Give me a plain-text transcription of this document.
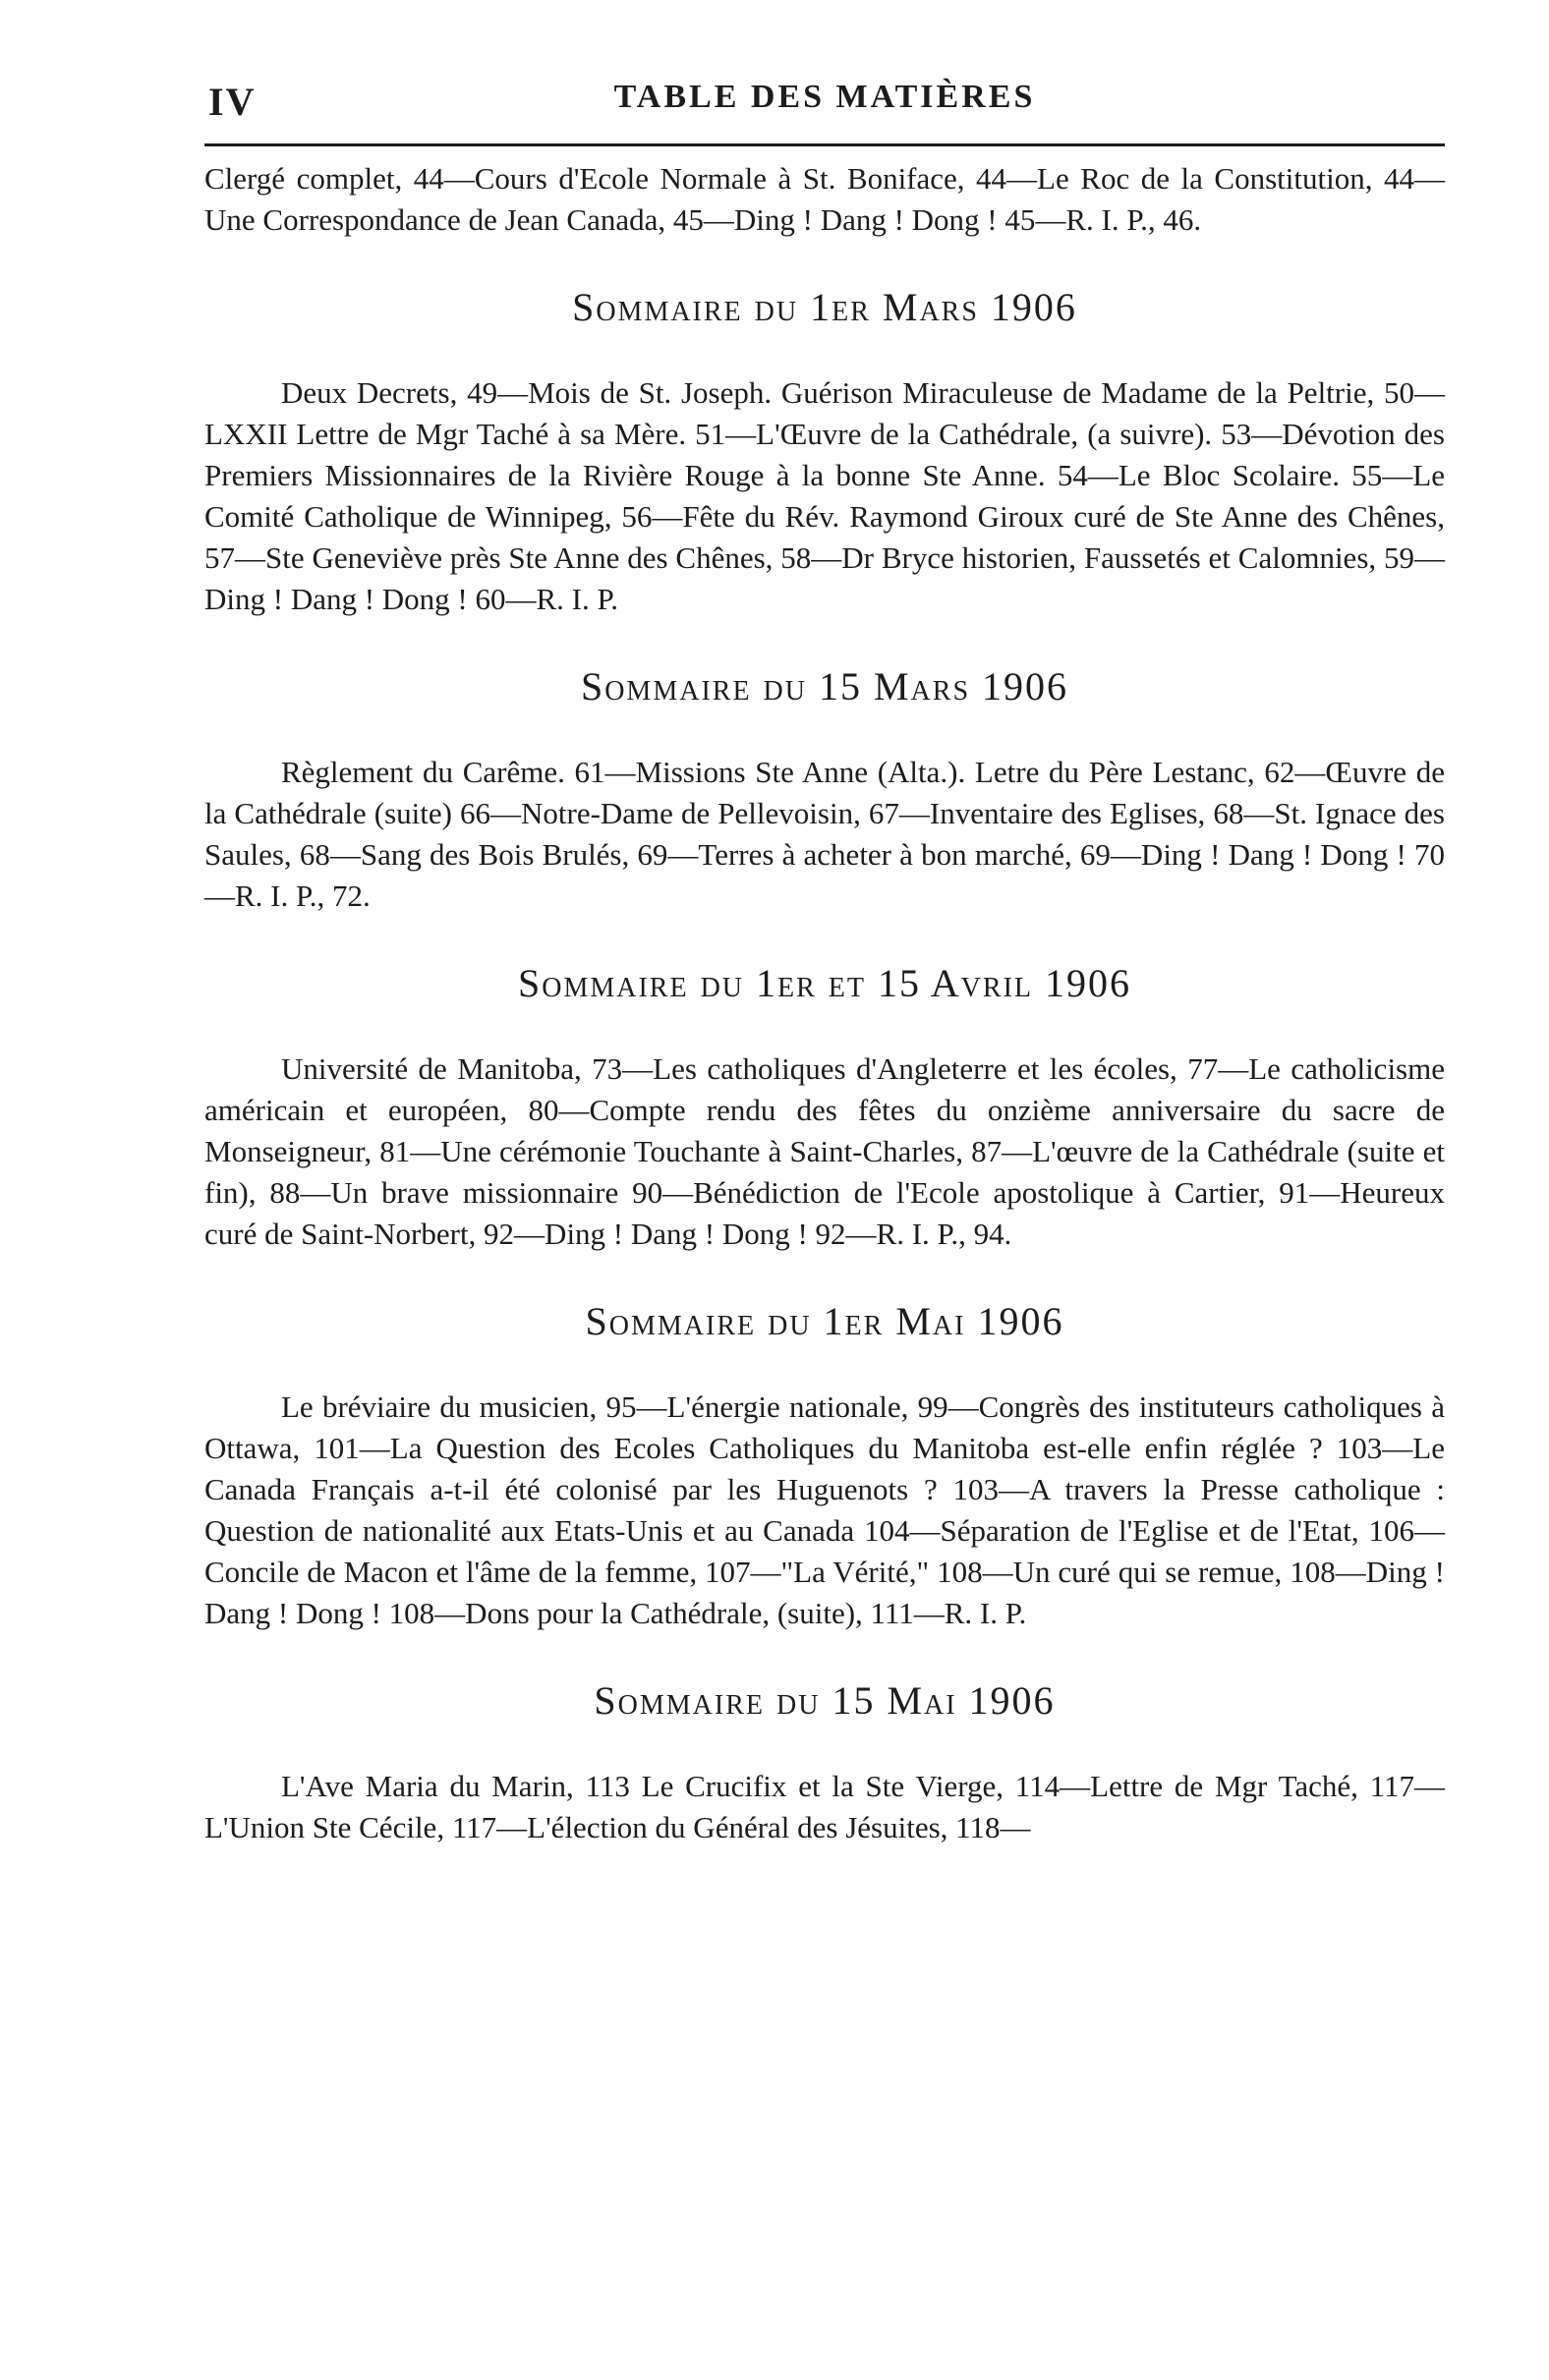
IV	TABLE DES MATIÈRES

Clergé complet, 44—Cours d'Ecole Normale à St. Boniface, 44—Le Roc de la Constitution, 44—Une Correspondance de Jean Canada, 45—Ding ! Dang ! Dong ! 45—R. I. P., 46.

Sommaire du 1er Mars 1906

Deux Decrets, 49—Mois de St. Joseph. Guérison Miraculeuse de Madame de la Peltrie, 50—LXXII Lettre de Mgr Taché à sa Mère. 51—L'Œuvre de la Cathédrale, (a suivre). 53—Dévotion des Premiers Missionnaires de la Rivière Rouge à la bonne Ste Anne. 54—Le Bloc Scolaire. 55—Le Comité Catholique de Winnipeg, 56—Fête du Rév. Raymond Giroux curé de Ste Anne des Chênes, 57—Ste Geneviève près Ste Anne des Chênes, 58—Dr Bryce historien, Faussetés et Calomnies, 59—Ding ! Dang ! Dong ! 60—R. I. P.

Sommaire du 15 Mars 1906

Règlement du Carême. 61—Missions Ste Anne (Alta.). Letre du Père Lestanc, 62—Œuvre de la Cathédrale (suite) 66—Notre-Dame de Pellevoisin, 67—Inventaire des Eglises, 68—St. Ignace des Saules, 68—Sang des Bois Brulés, 69—Terres à acheter à bon marché, 69—Ding ! Dang ! Dong ! 70—R. I. P., 72.

Sommaire du 1er et 15 Avril 1906

Université de Manitoba, 73—Les catholiques d'Angleterre et les écoles, 77—Le catholicisme américain et européen, 80—Compte rendu des fêtes du onzième anniversaire du sacre de Monseigneur, 81—Une cérémonie Touchante à Saint-Charles, 87—L'œuvre de la Cathédrale (suite et fin), 88—Un brave missionnaire 90—Bénédiction de l'Ecole apostolique à Cartier, 91—Heureux curé de Saint-Norbert, 92—Ding ! Dang ! Dong ! 92—R. I. P., 94.

Sommaire du 1er Mai 1906

Le bréviaire du musicien, 95—L'énergie nationale, 99—Congrès des instituteurs catholiques à Ottawa, 101—La Question des Ecoles Catholiques du Manitoba est-elle enfin réglée ? 103—Le Canada Français a-t-il été colonisé par les Huguenots ? 103—A travers la Presse catholique : Question de nationalité aux Etats-Unis et au Canada 104—Séparation de l'Eglise et de l'Etat, 106—Concile de Macon et l'âme de la femme, 107—"La Vérité," 108—Un curé qui se remue, 108—Ding ! Dang ! Dong ! 108—Dons pour la Cathédrale, (suite), 111—R. I. P.

Sommaire du 15 Mai 1906

L'Ave Maria du Marin, 113 Le Crucifix et la Ste Vierge, 114—Lettre de Mgr Taché, 117—L'Union Ste Cécile, 117—L'élection du Général des Jésuites, 118—
